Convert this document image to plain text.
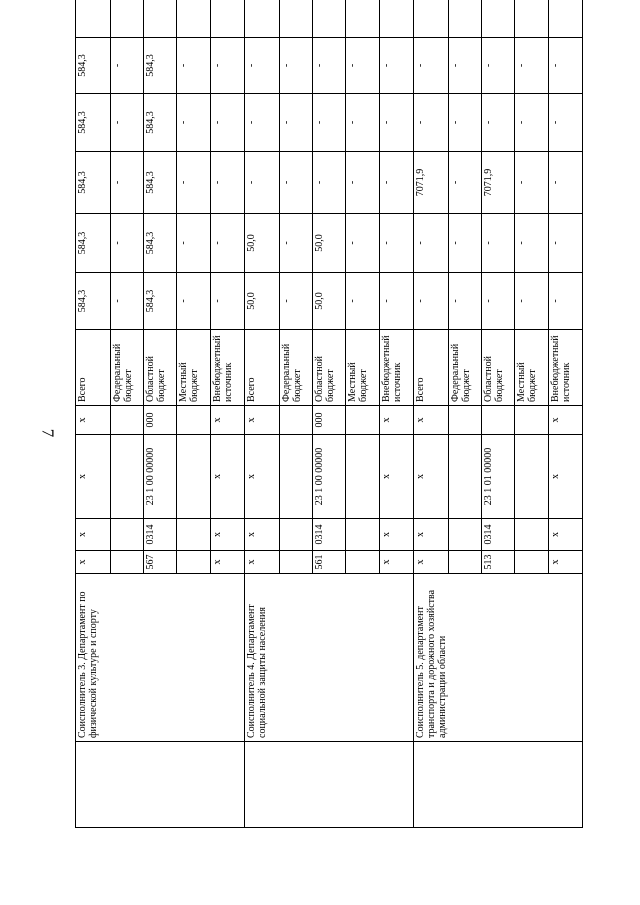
7
	Соисполнитель 3. Департамент по физической культуре и спорту	х	х	х	х	Всего	584,3	584,3	584,3	584,3	584,3	
						Федеральный бюджет	-	-	-	-	-	
		567	0314	23 1 00 00000	000	Областной бюджет	584,3	584,3	584,3	584,3	584,3	
						Местный бюджет	-	-	-	-	-	
		х	х	х	х	Внебюджетный источник	-	-	-	-	-	
	Соисполнитель 4. Департамент социальной защиты населения	х	х	х	х	Всего	50,0	50,0	-	-	-	
						Федеральный бюджет	-	-	-	-	-	
		561	0314	23 1 00 00000	000	Областной бюджет	50,0	50,0	-	-	-	
						Местный бюджет	-	-	-	-	-	
		х	х	х	х	Внебюджетный источник	-	-	-	-	-	
	Соисполнитель 5. департамент транспорта и дорожного хозяйства администрации области	х	х	х	х	Всего	-	-	7071,9	-	-	
						Федеральный бюджет	-	-	-	-	-	
		513	0314	23 1 01 00000		Областной бюджет	-	-	7071,9	-	-	
						Местный бюджет	-	-	-	-	-	
		х	х	х	х	Внебюджетный источник	-	-	-	-	-	
